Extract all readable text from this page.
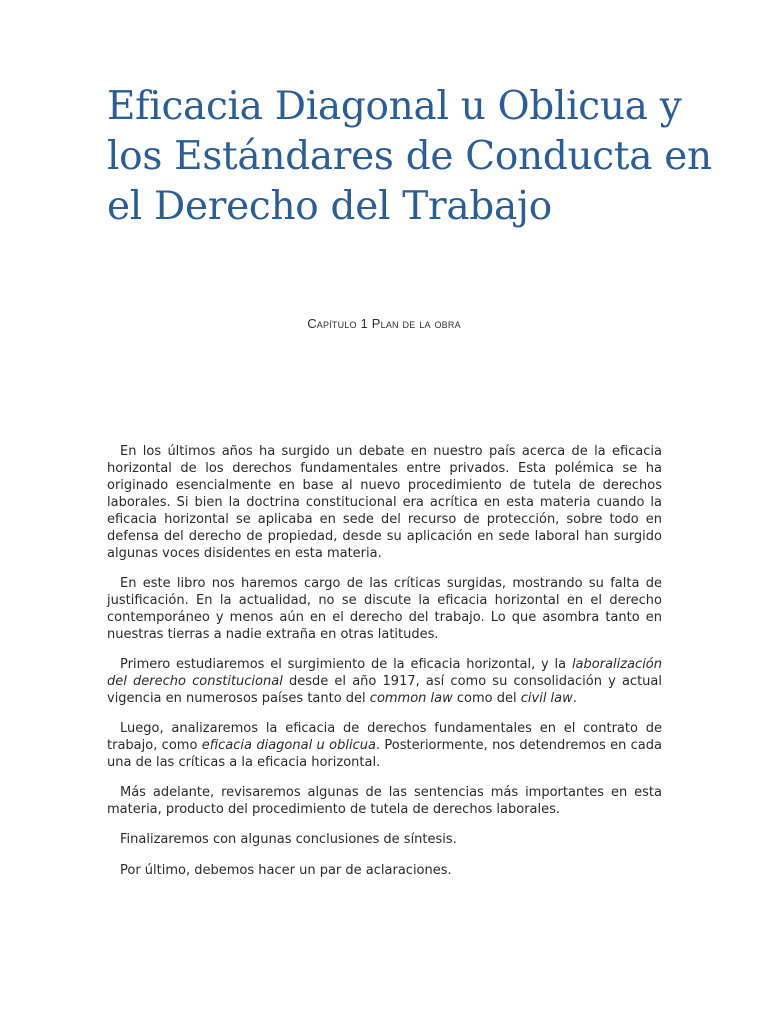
Eficacia Diagonal u Oblicua y los Estándares de Conducta en el Derecho del Trabajo

Capítulo 1 Plan de la obra

En los últimos años ha surgido un debate en nuestro país acerca de la eficacia horizontal de los derechos fundamentales entre privados. Esta polémica se ha originado esencialmente en base al nuevo procedimiento de tutela de derechos laborales. Si bien la doctrina constitucional era acrítica en esta materia cuando la eficacia horizontal se aplicaba en sede del recurso de protección, sobre todo en defensa del derecho de propiedad, desde su aplicación en sede laboral han surgido algunas voces disidentes en esta materia.

En este libro nos haremos cargo de las críticas surgidas, mostrando su falta de justificación. En la actualidad, no se discute la eficacia horizontal en el derecho contemporáneo y menos aún en el derecho del trabajo. Lo que asombra tanto en nuestras tierras a nadie extraña en otras latitudes.

Primero estudiaremos el surgimiento de la eficacia horizontal, y la laboralización del derecho constitucional desde el año 1917, así como su consolidación y actual vigencia en numerosos países tanto del common law como del civil law.

Luego, analizaremos la eficacia de derechos fundamentales en el contrato de trabajo, como eficacia diagonal u oblicua. Posteriormente, nos detendremos en cada una de las críticas a la eficacia horizontal.

Más adelante, revisaremos algunas de las sentencias más importantes en esta materia, producto del procedimiento de tutela de derechos laborales.

Finalizaremos con algunas conclusiones de síntesis.

Por último, debemos hacer un par de aclaraciones.
